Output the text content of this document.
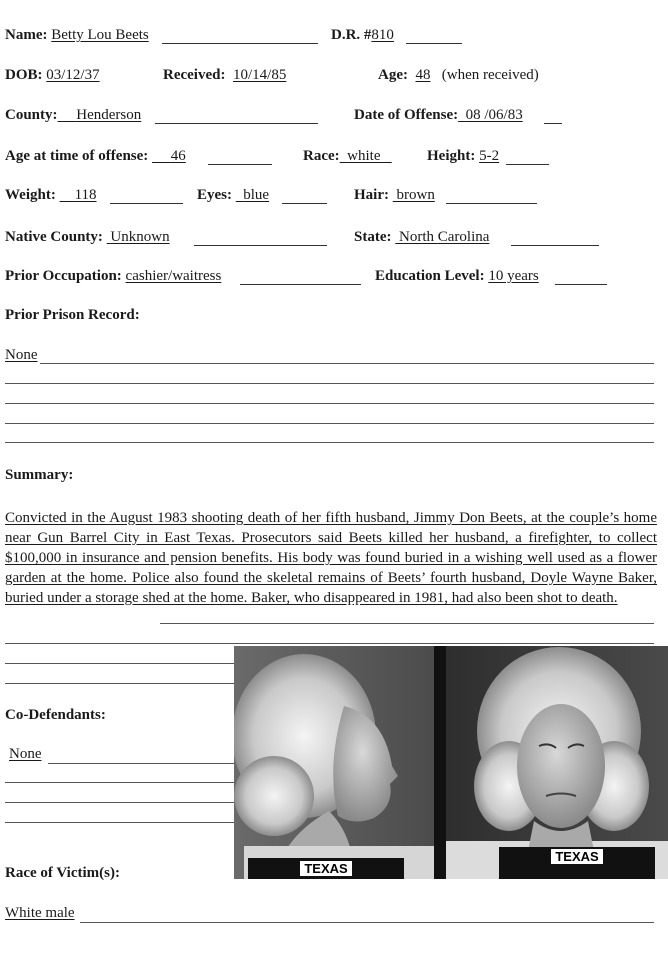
Name: Betty Lou Beets	D.R. #810
DOB: 03/12/37	Received:  10/14/85	Age:  48 (when received)
County: Henderson	Date of Offense: 08 /06/83
Age at time of offense:      46	Race: white	Height: 5-2
Weight:     118	Eyes:   blue	Hair:  brown
Native County:  Unknown	State:  North Carolina
Prior Occupation: cashier/waitress	Education Level: 10 years
Prior Prison Record:
None
Summary:
Convicted in the August 1983 shooting death of her fifth husband, Jimmy Don Beets, at the couple’s home near Gun Barrel City in East Texas. Prosecutors said Beets killed her husband, a firefighter, to collect $100,000 in insurance and pension benefits. His body was found buried in a wishing well used as a flower garden at the home. Police also found the skeletal remains of Beets’ fourth husband, Doyle Wayne Baker, buried under a storage shed at the home. Baker, who disappeared in 1981, had also been shot to death.
Co-Defendants:
None
Race of Victim(s):
White male
TEXAS
TEXAS
